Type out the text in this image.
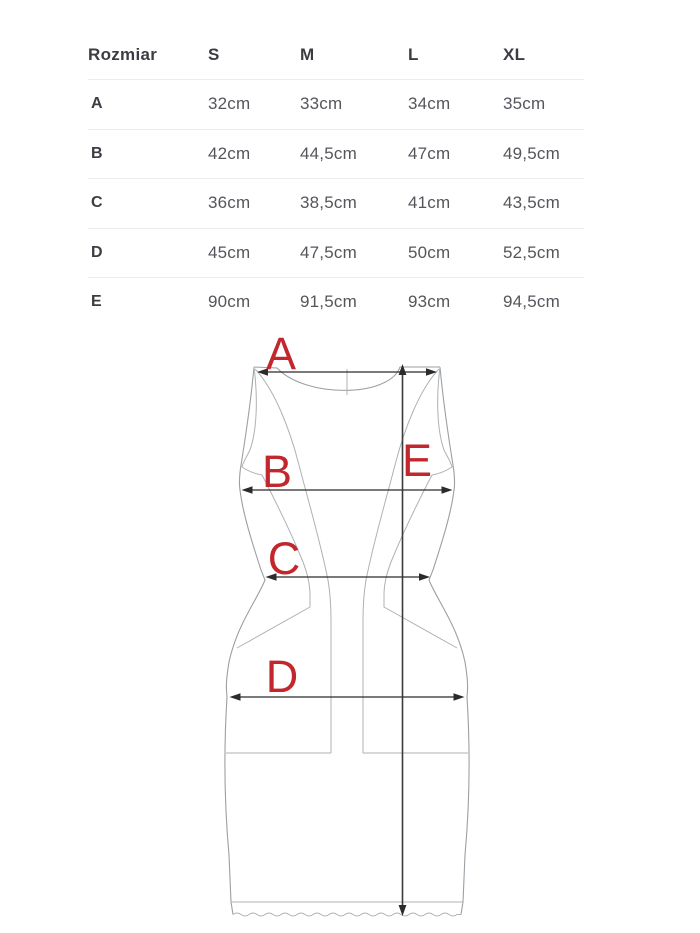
Rozmiar	S	M	L	XL
A	32cm	33cm	34cm	35cm
B	42cm	44,5cm	47cm	49,5cm
C	36cm	38,5cm	41cm	43,5cm
D	45cm	47,5cm	50cm	52,5cm
E	90cm	91,5cm	93cm	94,5cm
A
B
C
D
E
